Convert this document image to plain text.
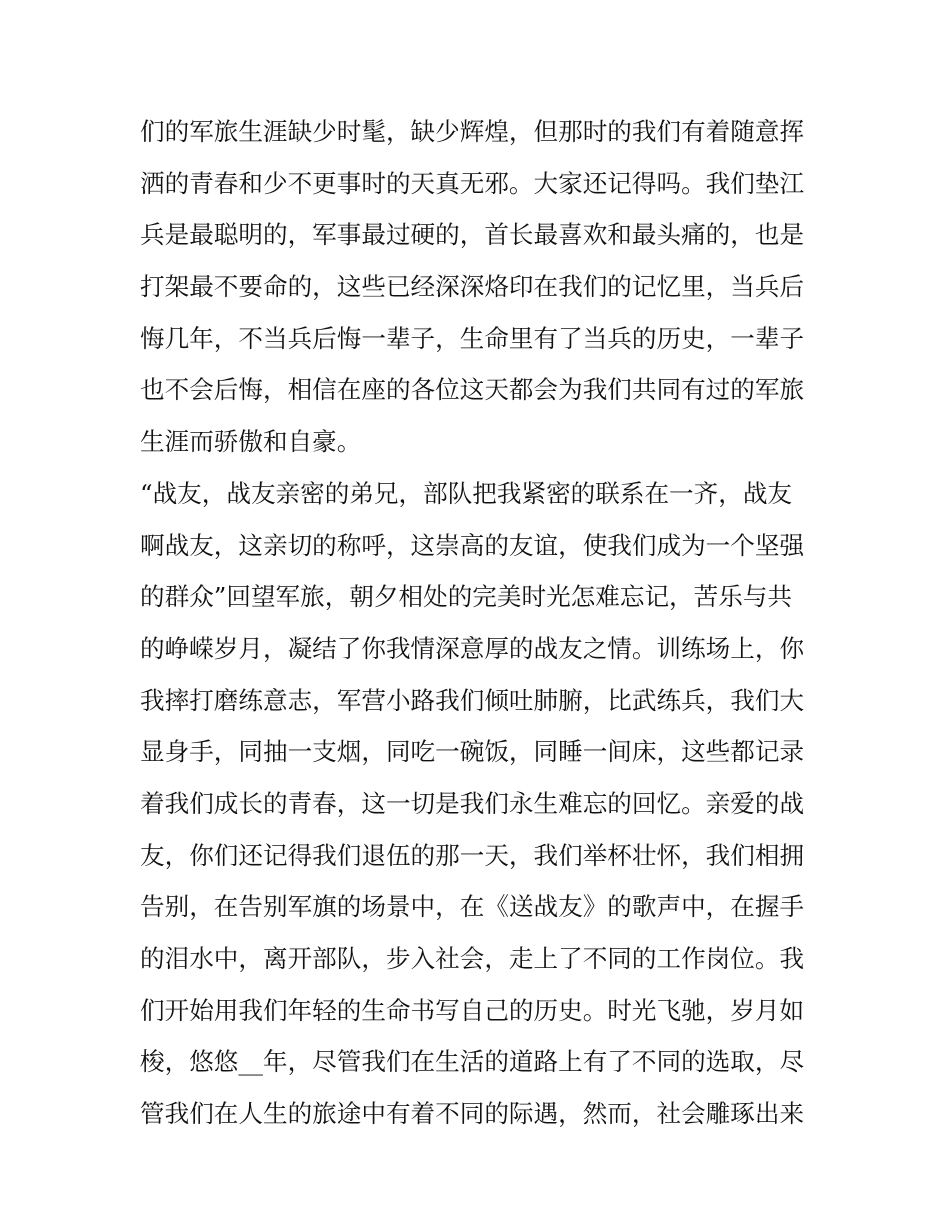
们的军旅生涯缺少时髦，缺少辉煌，但那时的我们有着随意挥
洒的青春和少不更事时的天真无邪。大家还记得吗。我们垫江
兵是最聪明的，军事最过硬的，首长最喜欢和最头痛的，也是
打架最不要命的，这些已经深深烙印在我们的记忆里，当兵后
悔几年，不当兵后悔一辈子，生命里有了当兵的历史，一辈子
也不会后悔，相信在座的各位这天都会为我们共同有过的军旅
生涯而骄傲和自豪。
“战友，战友亲密的弟兄，部队把我紧密的联系在一齐，战友
啊战友，这亲切的称呼，这崇高的友谊，使我们成为一个坚强
的群众”回望军旅，朝夕相处的完美时光怎难忘记，苦乐与共
的峥嵘岁月，凝结了你我情深意厚的战友之情。训练场上，你
我摔打磨练意志，军营小路我们倾吐肺腑，比武练兵，我们大
显身手，同抽一支烟，同吃一碗饭，同睡一间床，这些都记录
着我们成长的青春，这一切是我们永生难忘的回忆。亲爱的战
友，你们还记得我们退伍的那一天，我们举杯壮怀，我们相拥
告别，在告别军旗的场景中，在《送战友》的歌声中，在握手
的泪水中，离开部队，步入社会，走上了不同的工作岗位。我
们开始用我们年轻的生命书写自己的历史。时光飞驰，岁月如
梭，悠悠__年，尽管我们在生活的道路上有了不同的选取，尽
管我们在人生的旅途中有着不同的际遇，然而，社会雕琢出来
